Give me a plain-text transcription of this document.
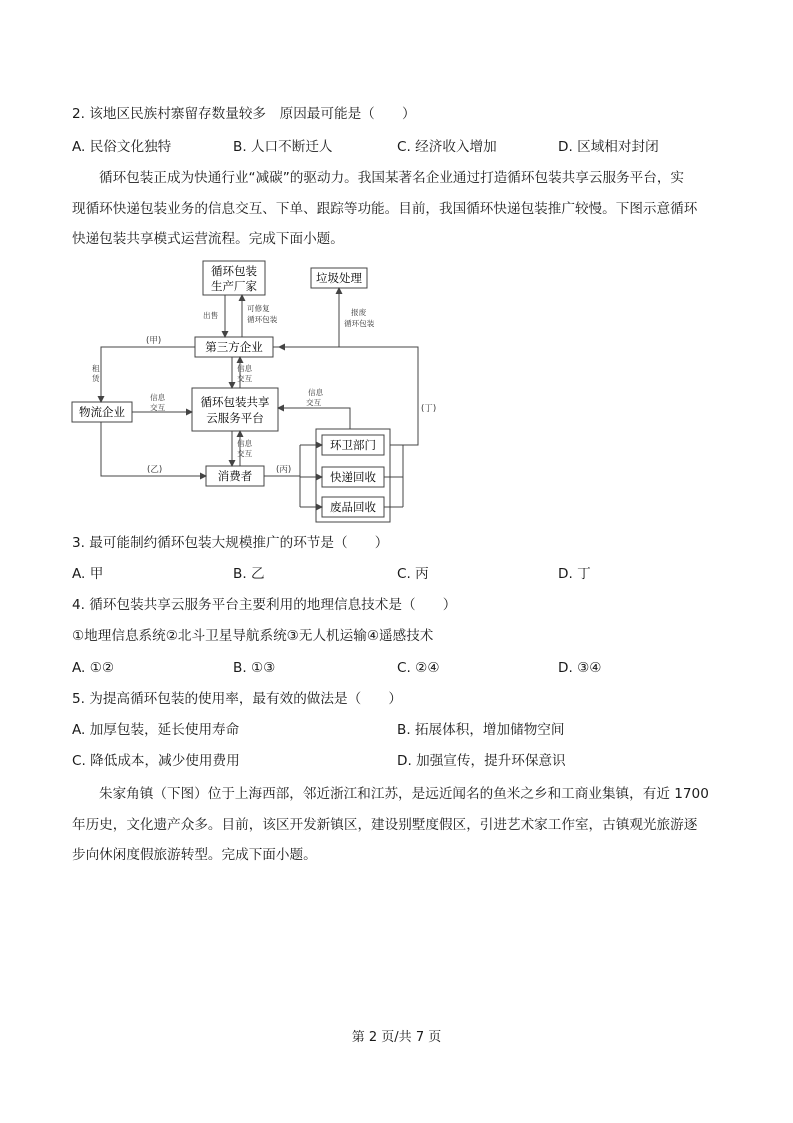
2. 该地区民族村寨留存数量较多　原因最可能是（　　）
A. 民俗文化独特	B. 人口不断迁人	C. 经济收入增加	D. 区域相对封闭
循环包装正成为快通行业“减碳”的驱动力。我国某著名企业通过打造循环包装共享云服务平台，实
现循环快递包装业务的信息交互、下单、跟踪等功能。目前，我国循环快递包装推广较慢。下图示意循环
快递包装共享模式运营流程。完成下面小题。
循环包装
生产厂家
垃圾处理
第三方企业
循环包装共享
云服务平台
物流企业
消费者
环卫部门
快递回收
废品回收
出售
可修复
循环包装
报废
循环包装
租
赁
信息
交互
信息
交互
信息
交互
信息
交互
(甲)
(乙)	(丙)
(丁)
3. 最可能制约循环包装大规模推广的环节是（　　）
A. 甲	B. 乙	C. 丙	D. 丁
4. 循环包装共享云服务平台主要利用的地理信息技术是（　　）
①地理信息系统②北斗卫星导航系统③无人机运输④遥感技术
A. ①②	B. ①③	C. ②④	D. ③④
5. 为提高循环包装的使用率，最有效的做法是（　　）
A. 加厚包装，延长使用寿命	B. 拓展体积，增加储物空间
C. 降低成本，减少使用费用	D. 加强宣传，提升环保意识
朱家角镇（下图）位于上海西部，邻近浙江和江苏，是远近闻名的鱼米之乡和工商业集镇，有近 1700
年历史，文化遗产众多。目前，该区开发新镇区，建设别墅度假区，引进艺术家工作室，古镇观光旅游逐
步向休闲度假旅游转型。完成下面小题。
第 2 页/共 7 页
